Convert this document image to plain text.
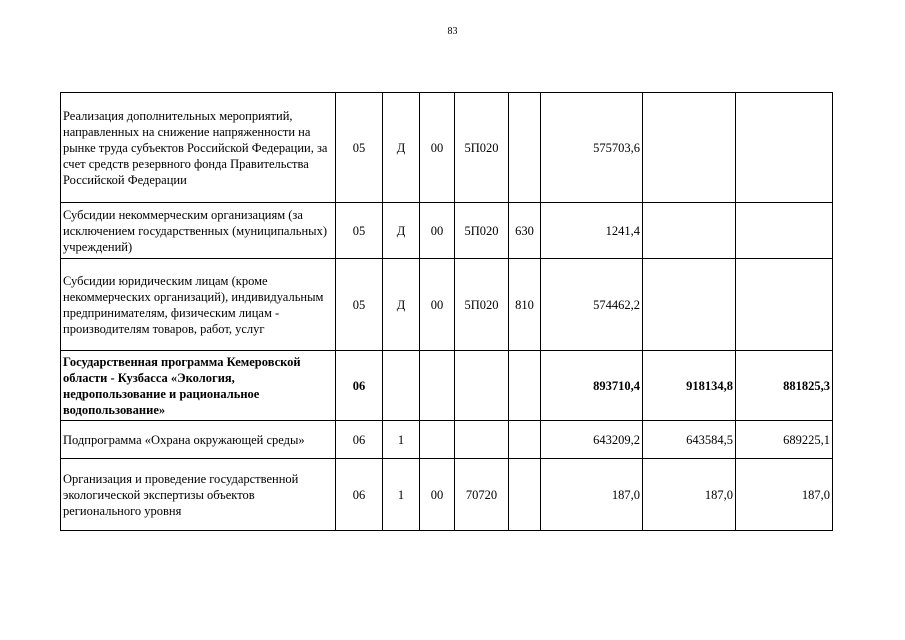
83
Реализация дополнительных мероприятий, направленных на снижение напряженности на рынке труда субъектов Российской Федерации, за счет средств резервного фонда Правительства Российской Федерации	05	Д	00	5П020		575703,6		
Субсидии некоммерческим организациям (за исключением государственных (муниципальных) учреждений)	05	Д	00	5П020	630	1241,4		
Субсидии юридическим лицам (кроме некоммерческих организаций), индивидуальным предпринимателям, физическим лицам - производителям товаров, работ, услуг	05	Д	00	5П020	810	574462,2		
Государственная программа Кемеровской области - Кузбасса «Экология, недропользование и рациональное водопользование»	06					893710,4	918134,8	881825,3
Подпрограмма «Охрана окружающей среды»	06	1				643209,2	643584,5	689225,1
Организация и проведение государственной экологической экспертизы объектов регионального уровня	06	1	00	70720		187,0	187,0	187,0
